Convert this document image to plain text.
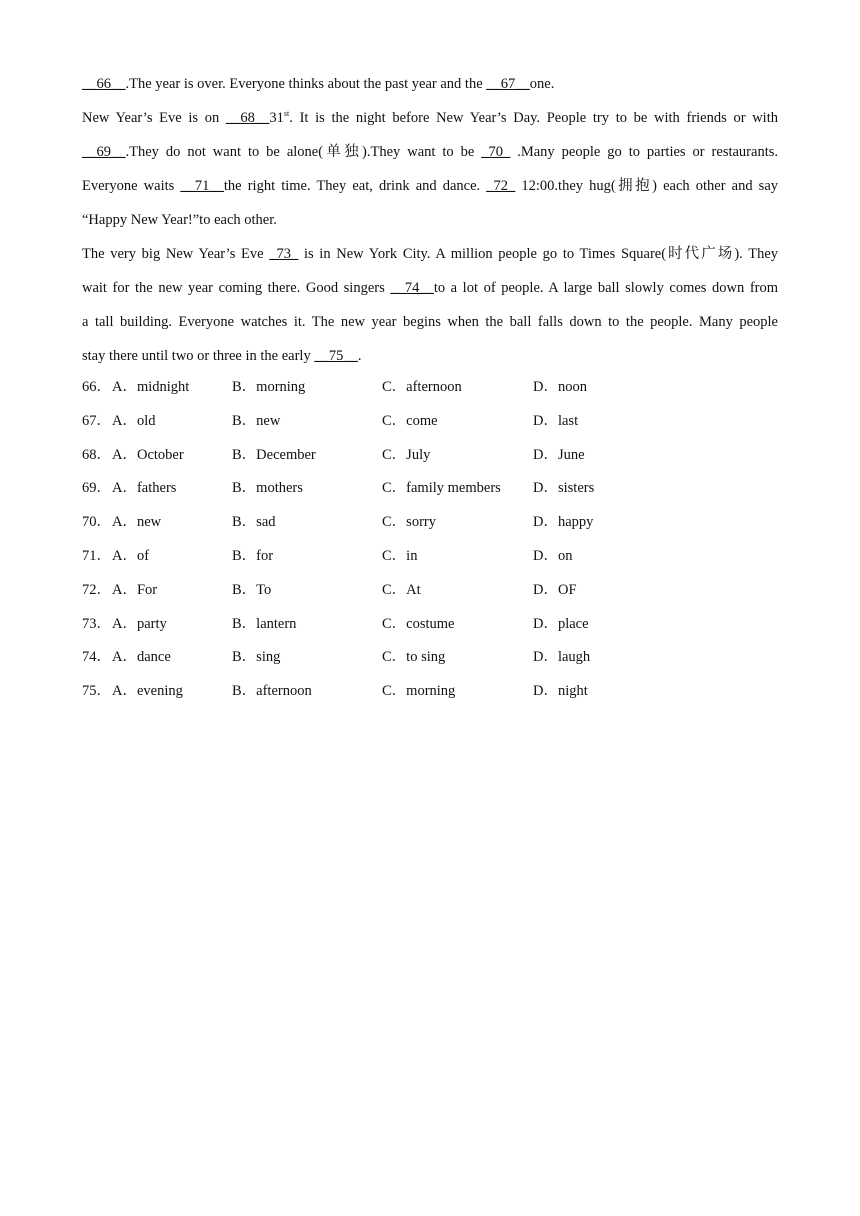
__66__.The year is over. Everyone thinks about the past year and the __67__one.
New Year’s Eve is on __68__31st. It is the night before New Year’s Day. People try to be with friends or with
__69__.They do not want to be alone(单独).They want to be _70_ .Many people go to parties or restaurants.
Everyone waits __71__the right time. They eat, drink and dance. _72_ 12:00.they hug(拥抱) each other and say
“Happy New Year!”to each other.
The very big New Year’s Eve _73_ is in New York City. A million people go to Times Square(时代广场). They
wait for the new year coming there. Good singers __74__to a lot of people. A large ball slowly comes down from
a tall building. Everyone watches it. The new year begins when the ball falls down to the people. Many people
stay there until two or three in the early __75__.
66． A．midnight	B．morning	C．afternoon	D．noon
67． A．old	B．new	C．come	D．last
68． A．October	B．December	C．July	D．June
69． A．fathers	B．mothers	C．family members D．sisters
70． A．new	B．sad	C．sorry	D．happy
71． A．of	B．for	C．in	D．on
72． A．For	B．To	C．At	D．OF
73． A．party	B．lantern	C．costume	D．place
74． A．dance	B．sing	C．to sing	D．laugh
75． A．evening	B．afternoon	C．morning	D．night
